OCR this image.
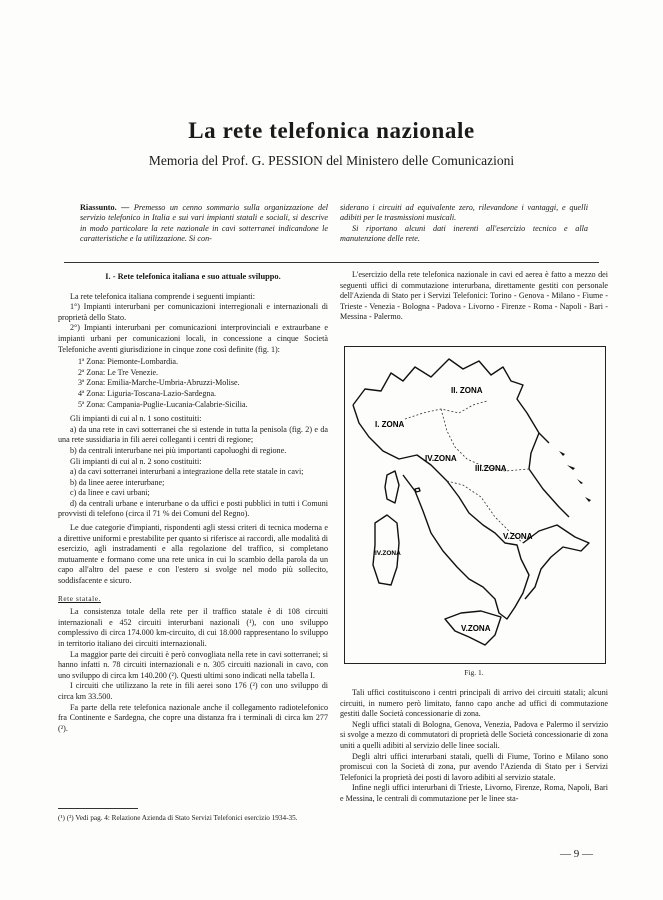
La rete telefonica nazionale
Memoria del Prof. G. PESSION del Ministero delle Comunicazioni
Riassunto. — Premesso un cenno sommario sulla organizzazione del servizio telefonico in Italia e sui vari impianti statali e sociali, si descrive in modo particolare la rete nazionale in cavi sotterranei indicandone le caratteristiche e la utilizzazione. Si con-
siderano i circuiti ad equivalente zero, rilevandone i vantaggi, e quelli adibiti per le trasmissioni musicali.
Si riportano alcuni dati inerenti all'esercizio tecnico e alla manutenzione delle rete.
I. - Rete telefonica italiana e suo attuale sviluppo.

La rete telefonica italiana comprende i seguenti impianti:

1°) Impianti interurbani per comunicazioni interregionali e internazionali di proprietà dello Stato.

2°) Impianti interurbani per comunicazioni interprovinciali e extraurbane e impianti urbani per comunicazioni locali, in concessione a cinque Società Telefoniche aventi giurisdizione in cinque zone così definite (fig. 1):

1ª Zona: Piemonte-Lombardia.
2ª Zona: Le Tre Venezie.
3ª Zona: Emilia-Marche-Umbria-Abruzzi-Molise.
4ª Zona: Liguria-Toscana-Lazio-Sardegna.
5ª Zona: Campania-Puglie-Lucania-Calabrie-Sicilia.

Gli impianti di cui al n. 1 sono costituiti:

a) da una rete in cavi sotterranei che si estende in tutta la penisola (fig. 2) e da una rete sussidiaria in fili aerei colleganti i centri di regione;

b) da centrali interurbane nei più importanti capoluoghi di regione.

Gli impianti di cui al n. 2 sono costituiti:

a) da cavi sotterranei interurbani a integrazione della rete statale in cavi;

b) da linee aeree interurbane;

c) da linee e cavi urbani;

d) da centrali urbane e interurbane o da uffici e posti pubblici in tutti i Comuni provvisti di telefono (circa il 71 % dei Comuni del Regno).

Le due categorie d'impianti, rispondenti agli stessi criteri di tecnica moderna e a direttive uniformi e prestabilite per quanto si riferisce ai raccordi, alle modalità di esercizio, agli instradamenti e alla regolazione del traffico, si completano mutuamente e formano come una rete unica in cui lo scambio della parola da un capo all'altro del paese e con l'estero si svolge nel modo più sollecito, soddisfacente e sicuro.

Rete statale.

La consistenza totale della rete per il traffico statale è di 108 circuiti internazionali e 452 circuiti interurbani nazionali (¹), con uno sviluppo complessivo di circa 174.000 km-circuito, di cui 18.000 rappresentano lo sviluppo in territorio italiano dei circuiti internazionali.

La maggior parte dei circuiti è però convogliata nella rete in cavi sotterranei; si hanno infatti n. 78 circuiti internazionali e n. 305 circuiti nazionali in cavo, con uno sviluppo di circa km 140.200 (²). Questi ultimi sono indicati nella tabella I.

I circuiti che utilizzano la rete in fili aerei sono 176 (²) con uno sviluppo di circa km 33.500.

Fa parte della rete telefonica nazionale anche il collegamento radiotelefonico fra Continente e Sardegna, che copre una distanza fra i terminali di circa km 277 (²).

(¹) (²) Vedi pag. 4: Relazione Azienda di Stato Servizi Telefonici esercizio 1934-35.

L'esercizio della rete telefonica nazionale in cavi ed aerea è fatto a mezzo dei seguenti uffici di commutazione interurbana, direttamente gestiti con personale dell'Azienda di Stato per i Servizi Telefonici: Torino - Genova - Milano - Fiume - Trieste - Venezia - Bologna - Padova - Livorno - Firenze - Roma - Napoli - Bari - Messina - Palermo.

I. ZONA
II. ZONA
III.ZONA
IV.ZONA
IV.ZONA
V.ZONA
V.ZONA
Fig. 1.

Tali uffici costituiscono i centri principali di arrivo dei circuiti statali; alcuni circuiti, in numero però limitato, fanno capo anche ad uffici di commutazione gestiti dalle Società concessionarie di zona.

Negli uffici statali di Bologna, Genova, Venezia, Padova e Palermo il servizio si svolge a mezzo di commutatori di proprietà delle Società concessionarie di zona uniti a quelli adibiti al servizio delle linee sociali.

Degli altri uffici interurbani statali, quelli di Fiume, Torino e Milano sono promiscui con la Società di zona, pur avendo l'Azienda di Stato per i Servizi Telefonici la proprietà dei posti di lavoro adibiti al servizio statale.

Infine negli uffici interurbani di Trieste, Livorno, Firenze, Roma, Napoli, Bari e Messina, le centrali di commutazione per le linee sta-

— 9 —
